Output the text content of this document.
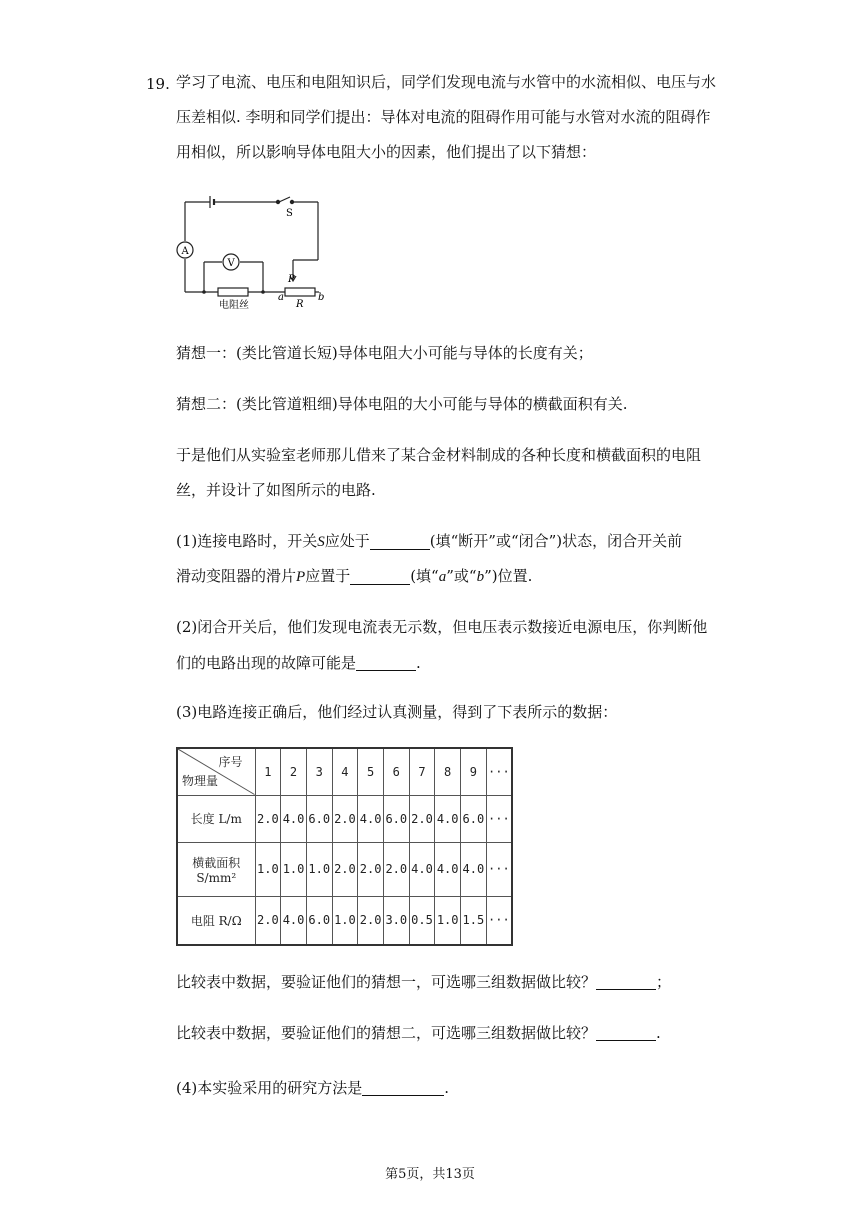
19. 学习了电流、电压和电阻知识后，同学们发现电流与水管中的水流相似、电压与水
压差相似. 李明和同学们提出：导体对电流的阻碍作用可能与水管对水流的阻碍作
用相似，所以影响导体电阻大小的因素，他们提出了以下猜想：
S
A
V
电阻丝
P
R
a	b
猜想一：(类比管道长短)导体电阻大小可能与导体的长度有关；
猜想二：(类比管道粗细)导体电阻的大小可能与导体的横截面积有关.
于是他们从实验室老师那儿借来了某合金材料制成的各种长度和横截面积的电阻
丝，并设计了如图所示的电路.
(1)连接电路时，开关S应处于	(填“断开”或“闭合”)状态，闭合开关前
滑动变阻器的滑片P应置于	(填“a”或“b”)位置.
(2)闭合开关后，他们发现电流表无示数，但电压表示数接近电源电压，你判断他
们的电路出现的故障可能是	.
(3)电路连接正确后，他们经过认真测量，得到了下表所示的数据：
序号
物理量	1	2	3	4	5	6	7	8	9	···
长度 L/m	2.0	4.0	6.0	2.0	4.0	6.0	2.0	4.0	6.0	···
横截面积
S/mm²	1.0	1.0	1.0	2.0	2.0	2.0	4.0	4.0	4.0	···
电阻 R/Ω	2.0	4.0	6.0	1.0	2.0	3.0	0.5	1.0	1.5	···
比较表中数据，要验证他们的猜想一，可选哪三组数据做比较？	；
比较表中数据，要验证他们的猜想二，可选哪三组数据做比较？	.
(4)本实验采用的研究方法是	.
第5页，共13页
